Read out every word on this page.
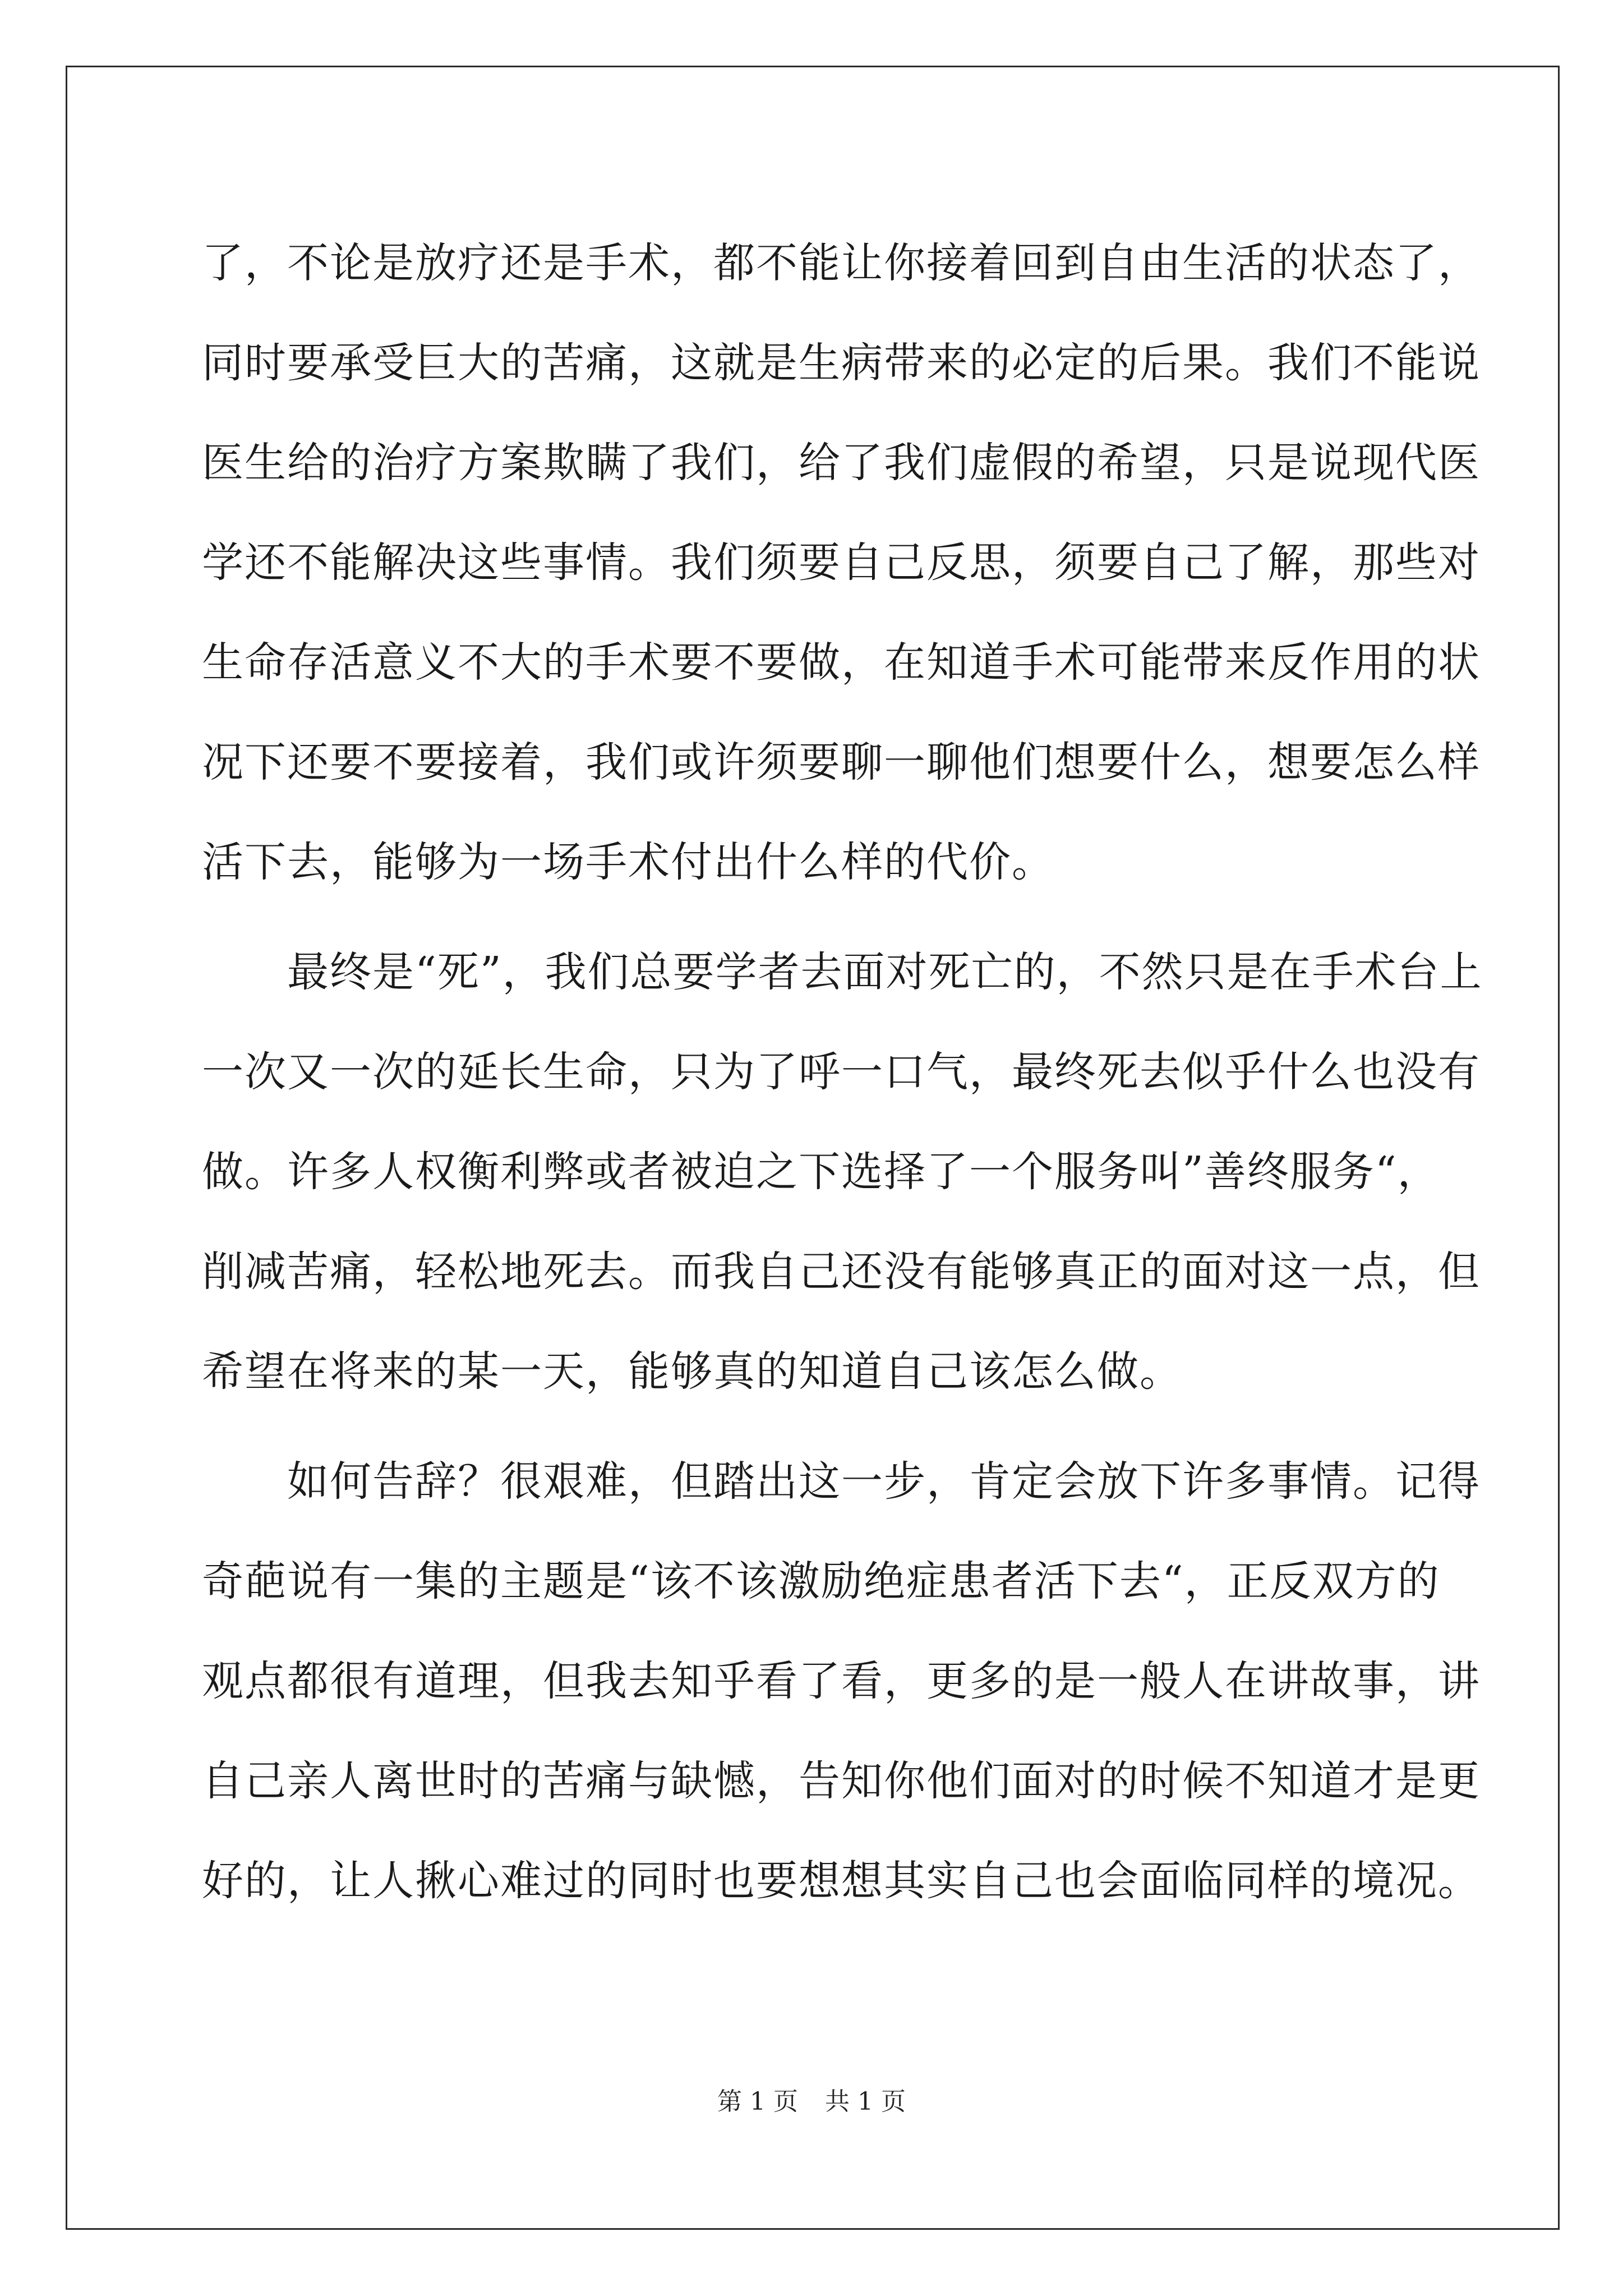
了，不论是放疗还是手术，都不能让你接着回到自由生活的状态了，
同时要承受巨大的苦痛，这就是生病带来的必定的后果。我们不能说
医生给的治疗方案欺瞒了我们，给了我们虚假的希望，只是说现代医
学还不能解决这些事情。我们须要自己反思，须要自己了解，那些对
生命存活意义不大的手术要不要做，在知道手术可能带来反作用的状
况下还要不要接着，我们或许须要聊一聊他们想要什么，想要怎么样
活下去，能够为一场手术付出什么样的代价。
最终是“死”，我们总要学者去面对死亡的，不然只是在手术台上
一次又一次的延长生命，只为了呼一口气，最终死去似乎什么也没有
做。许多人权衡利弊或者被迫之下选择了一个服务叫”善终服务“，
削减苦痛，轻松地死去。而我自己还没有能够真正的面对这一点，但
希望在将来的某一天，能够真的知道自己该怎么做。
如何告辞？很艰难，但踏出这一步，肯定会放下许多事情。记得
奇葩说有一集的主题是“该不该激励绝症患者活下去“，正反双方的
观点都很有道理，但我去知乎看了看，更多的是一般人在讲故事，讲
自己亲人离世时的苦痛与缺憾，告知你他们面对的时候不知道才是更
好的，让人揪心难过的同时也要想想其实自己也会面临同样的境况。
第 1 页 共 1 页
